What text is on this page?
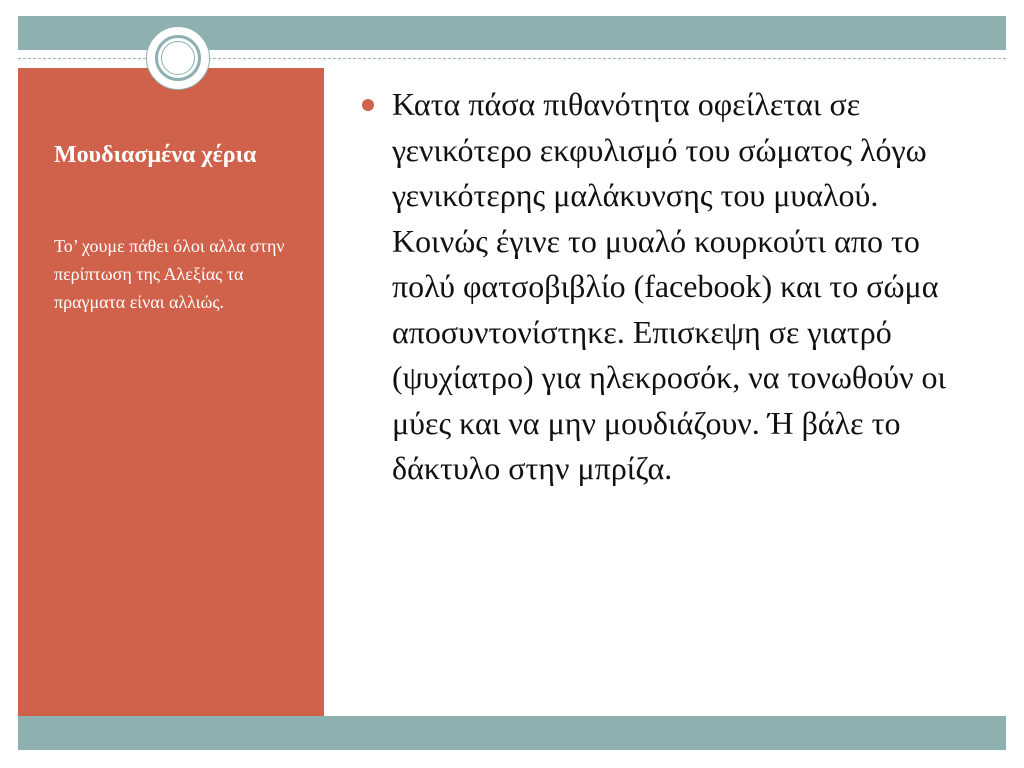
Μουδιασμένα χέρια

Το’ χουμε πάθει όλοι αλλα στην περίπτωση της Αλεξίας τα πραγματα είναι αλλιώς.

Κατα πάσα πιθανότητα οφείλεται σε γενικότερο εκφυλισμό του σώματος λόγω γενικότερης μαλάκυνσης του μυαλού. Κοινώς έγινε το μυαλό κουρκούτι απο το πολύ φατσοβιβλίο (facebook) και το σώμα αποσυντονίστηκε. Επισκεψη σε γιατρό (ψυχίατρο) για ηλεκροσόκ, να τονωθούν οι μύες και να μην μουδιάζουν. Ή βάλε το δάκτυλο στην μπρίζα.
